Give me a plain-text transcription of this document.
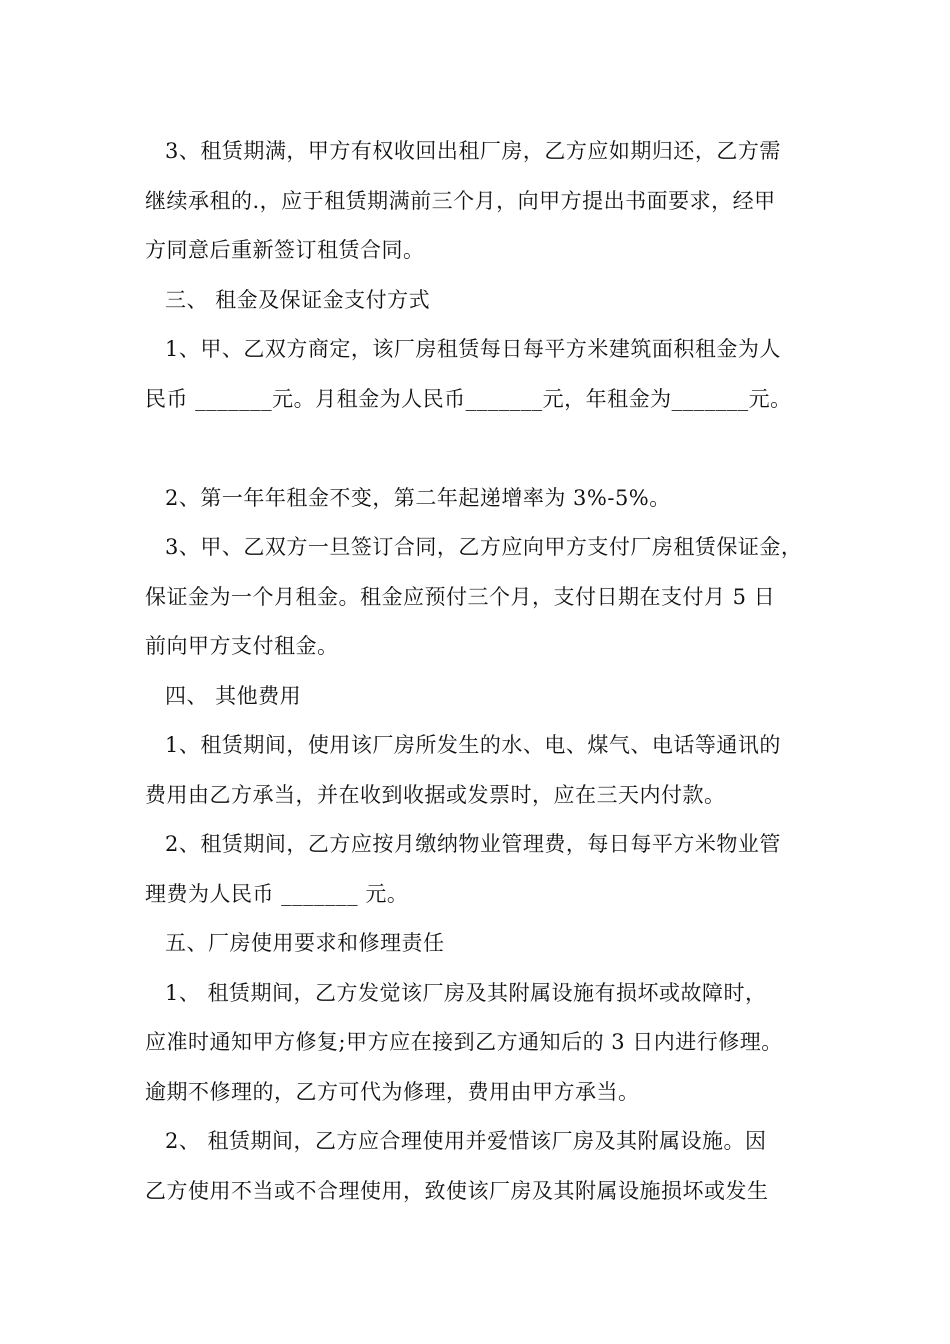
3、租赁期满，甲方有权收回出租厂房，乙方应如期归还，乙方需
继续承租的.，应于租赁期满前三个月，向甲方提出书面要求，经甲
方同意后重新签订租赁合同。
三、 租金及保证金支付方式
1、甲、乙双方商定，该厂房租赁每日每平方米建筑面积租金为人
民币 _______元。月租金为人民币_______元，年租金为_______元。
2、第一年年租金不变，第二年起递增率为 3%-5%。
3、甲、乙双方一旦签订合同，乙方应向甲方支付厂房租赁保证金，
保证金为一个月租金。租金应预付三个月，支付日期在支付月 5 日
前向甲方支付租金。
四、 其他费用
1、租赁期间，使用该厂房所发生的水、电、煤气、电话等通讯的
费用由乙方承当，并在收到收据或发票时，应在三天内付款。
2、租赁期间，乙方应按月缴纳物业管理费，每日每平方米物业管
理费为人民币 _______ 元。
五、厂房使用要求和修理责任
1、 租赁期间，乙方发觉该厂房及其附属设施有损坏或故障时，
应准时通知甲方修复;甲方应在接到乙方通知后的 3 日内进行修理。
逾期不修理的，乙方可代为修理，费用由甲方承当。
2、 租赁期间，乙方应合理使用并爱惜该厂房及其附属设施。因
乙方使用不当或不合理使用，致使该厂房及其附属设施损坏或发生
